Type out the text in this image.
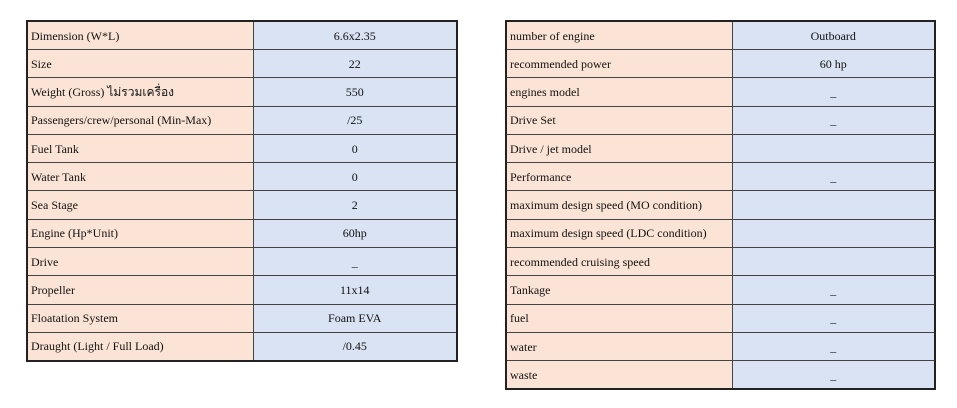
Dimension (W*L)	6.6x2.35
Size	22
Weight (Gross) ไม่รวมเครื่อง	550
Passengers/crew/personal (Min-Max)	/25
Fuel Tank	0
Water Tank	0
Sea Stage	2
Engine (Hp*Unit)	60hp
Drive	_
Propeller	11x14
Floatation System	Foam EVA
Draught (Light / Full Load)	/0.45
number of engine	Outboard
recommended power	60 hp
engines model	_
Drive Set	_
Drive / jet model	
Performance	_
maximum design speed (MO condition)	
maximum design speed (LDC condition)	
recommended cruising speed	
Tankage	_
fuel	_
water	_
waste	_
